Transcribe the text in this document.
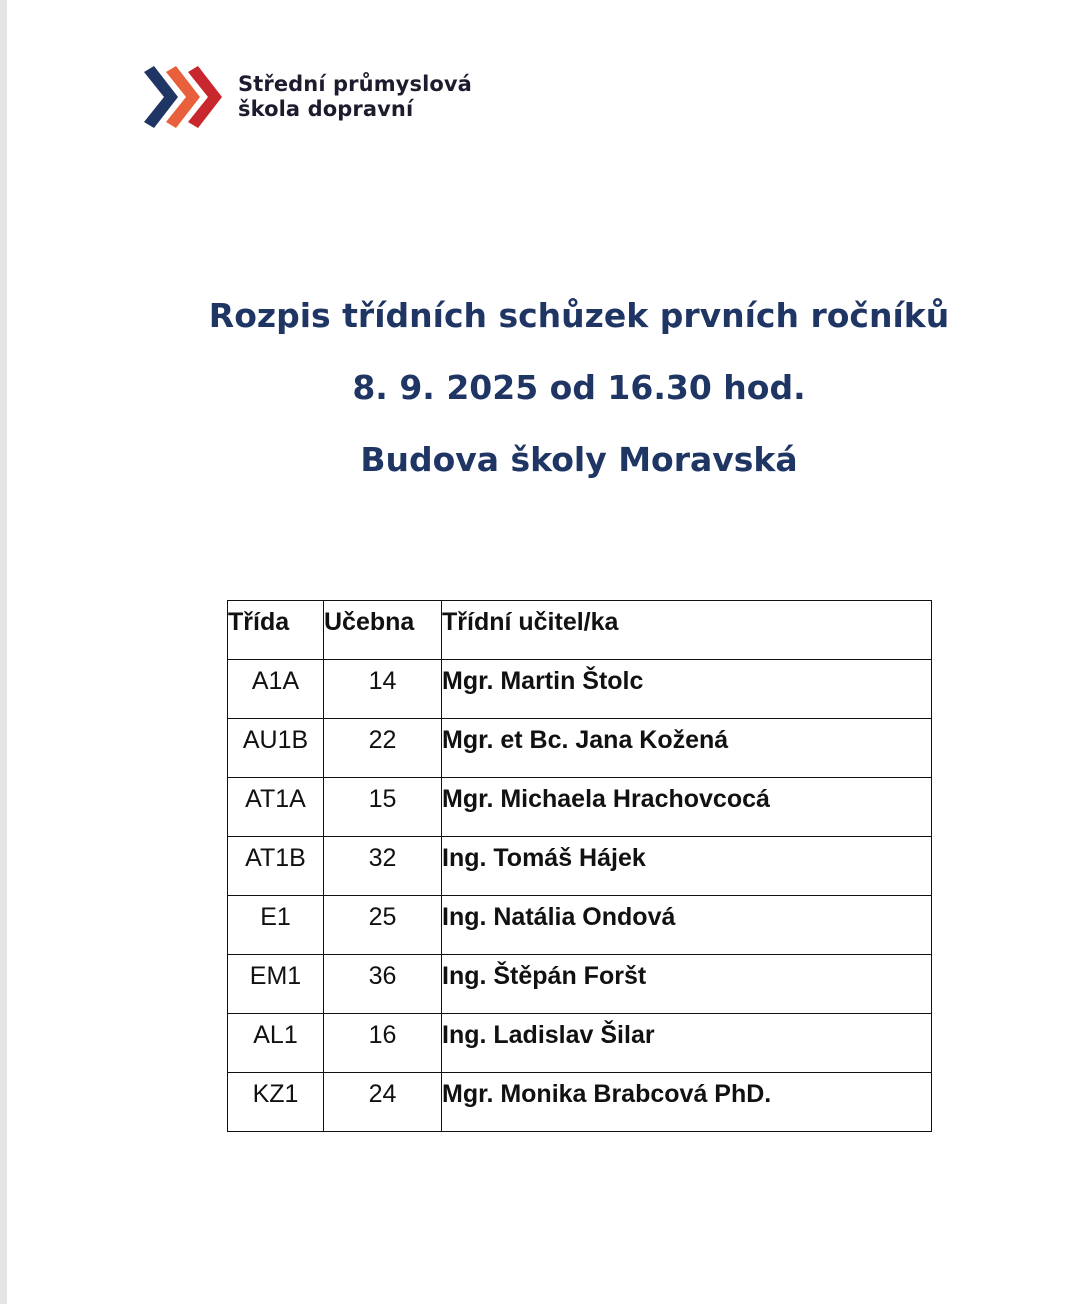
Střední průmyslová
škola dopravní
Rozpis třídních schůzek prvních ročníků
8. 9. 2025 od 16.30 hod.
Budova školy Moravská
Třída	Učebna	Třídní učitel/ka

A1A	14	Mgr. Martin Štolc

AU1B	22	Mgr. et Bc. Jana Kožená

AT1A	15	Mgr. Michaela Hrachovcocá

AT1B	32	Ing. Tomáš Hájek

E1	25	Ing. Natália Ondová

EM1	36	Ing. Štěpán Foršt

AL1	16	Ing. Ladislav Šilar

KZ1	24	Mgr. Monika Brabcová PhD.
